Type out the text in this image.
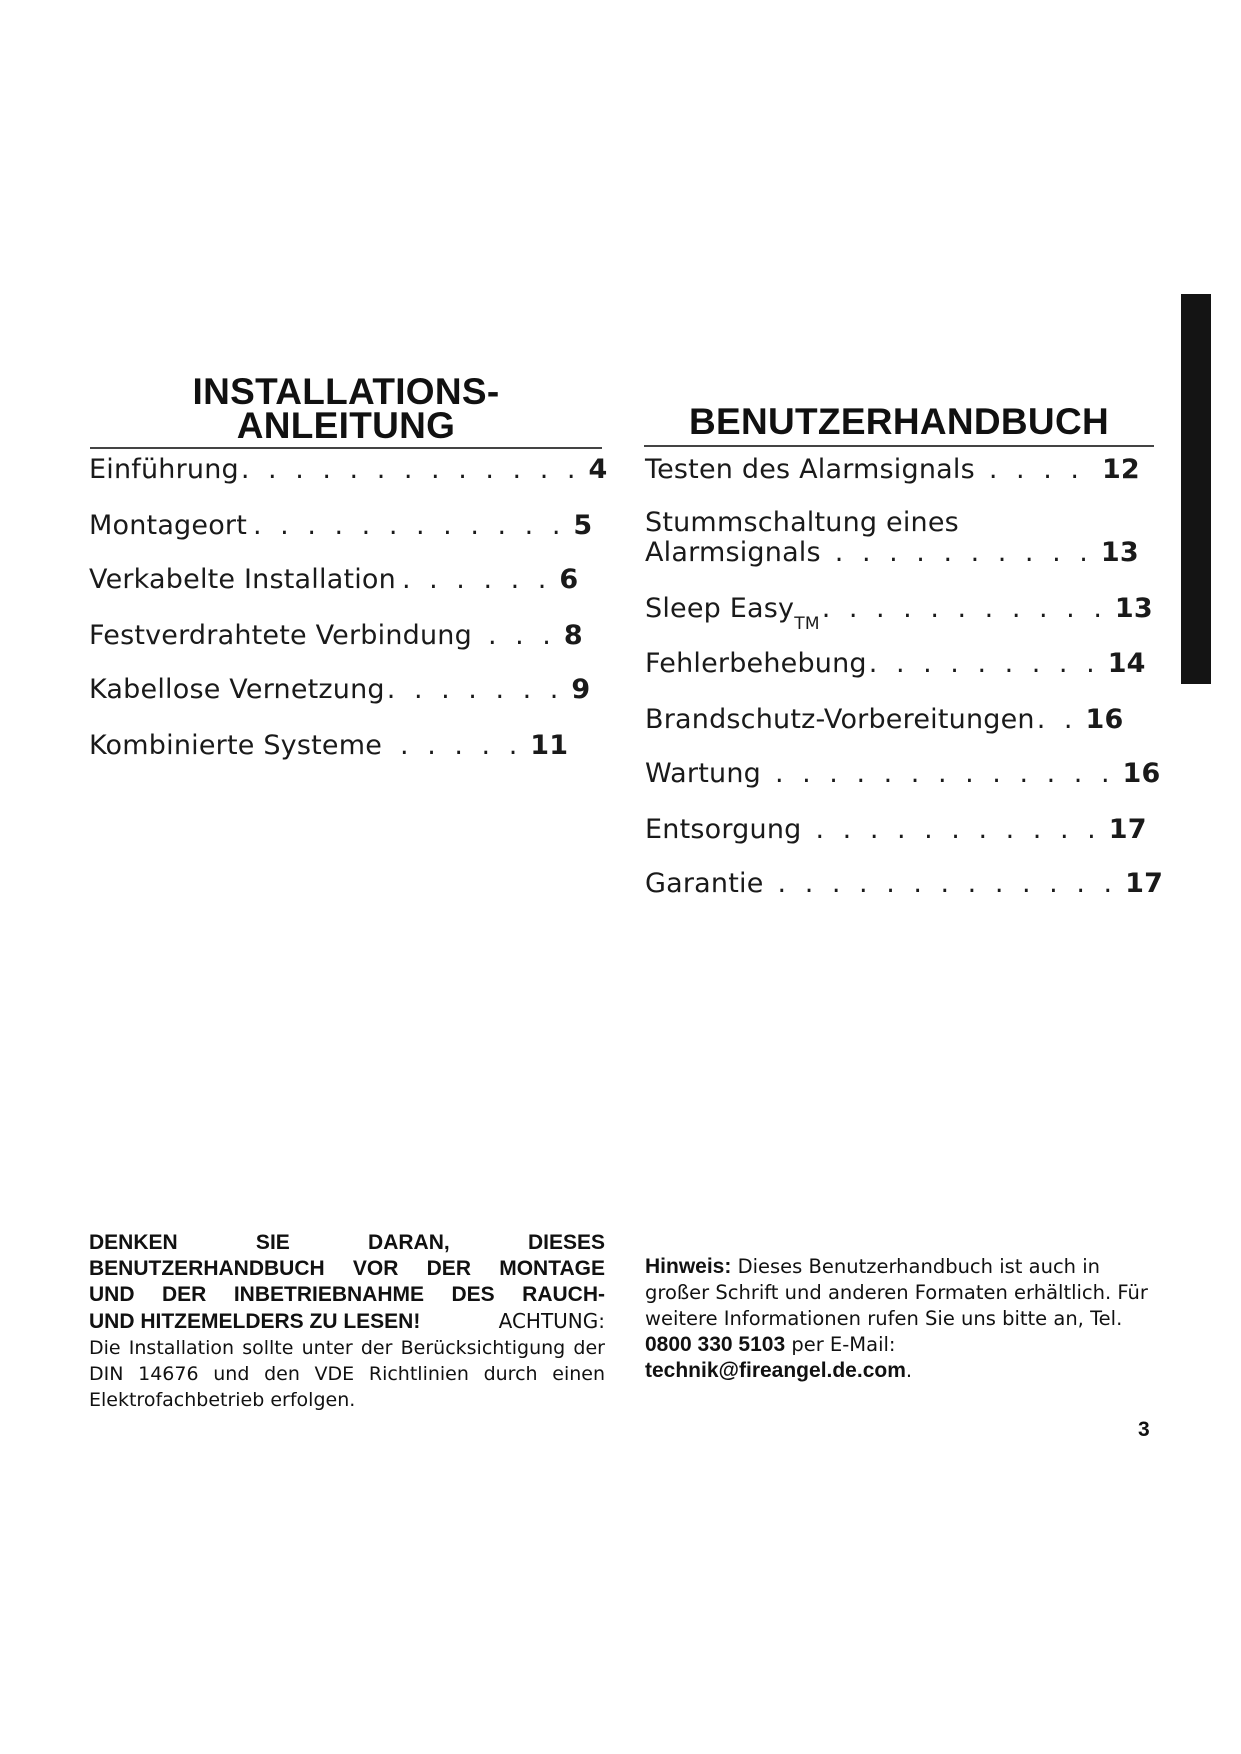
INSTALLATIONS-
ANLEITUNG
Einführung . . . . . . . . . . . . . 4
Montageort . . . . . . . . . . . . 5
Verkabelte Installation . . . . . . 6
Festverdrahtete Verbindung . . . 8
Kabellose Vernetzung . . . . . . . 9
Kombinierte Systeme . . . . . 11
BENUTZERHANDBUCH
Testen des Alarmsignals . . . . 12
Stummschaltung eines
Alarmsignals . . . . . . . . . . 13
Sleep Easy TM . . . . . . . . . . . 13
Fehlerbehebung . . . . . . . . . 14
Brandschutz-Vorbereitungen . . 16
Wartung . . . . . . . . . . . . . 16
Entsorgung . . . . . . . . . . . 17
Garantie . . . . . . . . . . . . . 17
DENKEN SIE DARAN, DIESES
BENUTZERHANDBUCH VOR DER MONTAGE
UND DER INBETRIEBNAHME DES RAUCH-
UND HITZEMELDERS ZU LESEN!	ACHTUNG:
Die Installation sollte unter der Berücksichtigung der DIN 14676 und den VDE Richtlinien durch einen Elektrofachbetrieb erfolgen.
Hinweis: Dieses Benutzerhandbuch ist auch in großer Schrift und anderen Formaten erhältlich. Für weitere Informationen rufen Sie uns bitte an, Tel. 0800 330 5103 per E-Mail: technik@fireangel.de.com.
3
